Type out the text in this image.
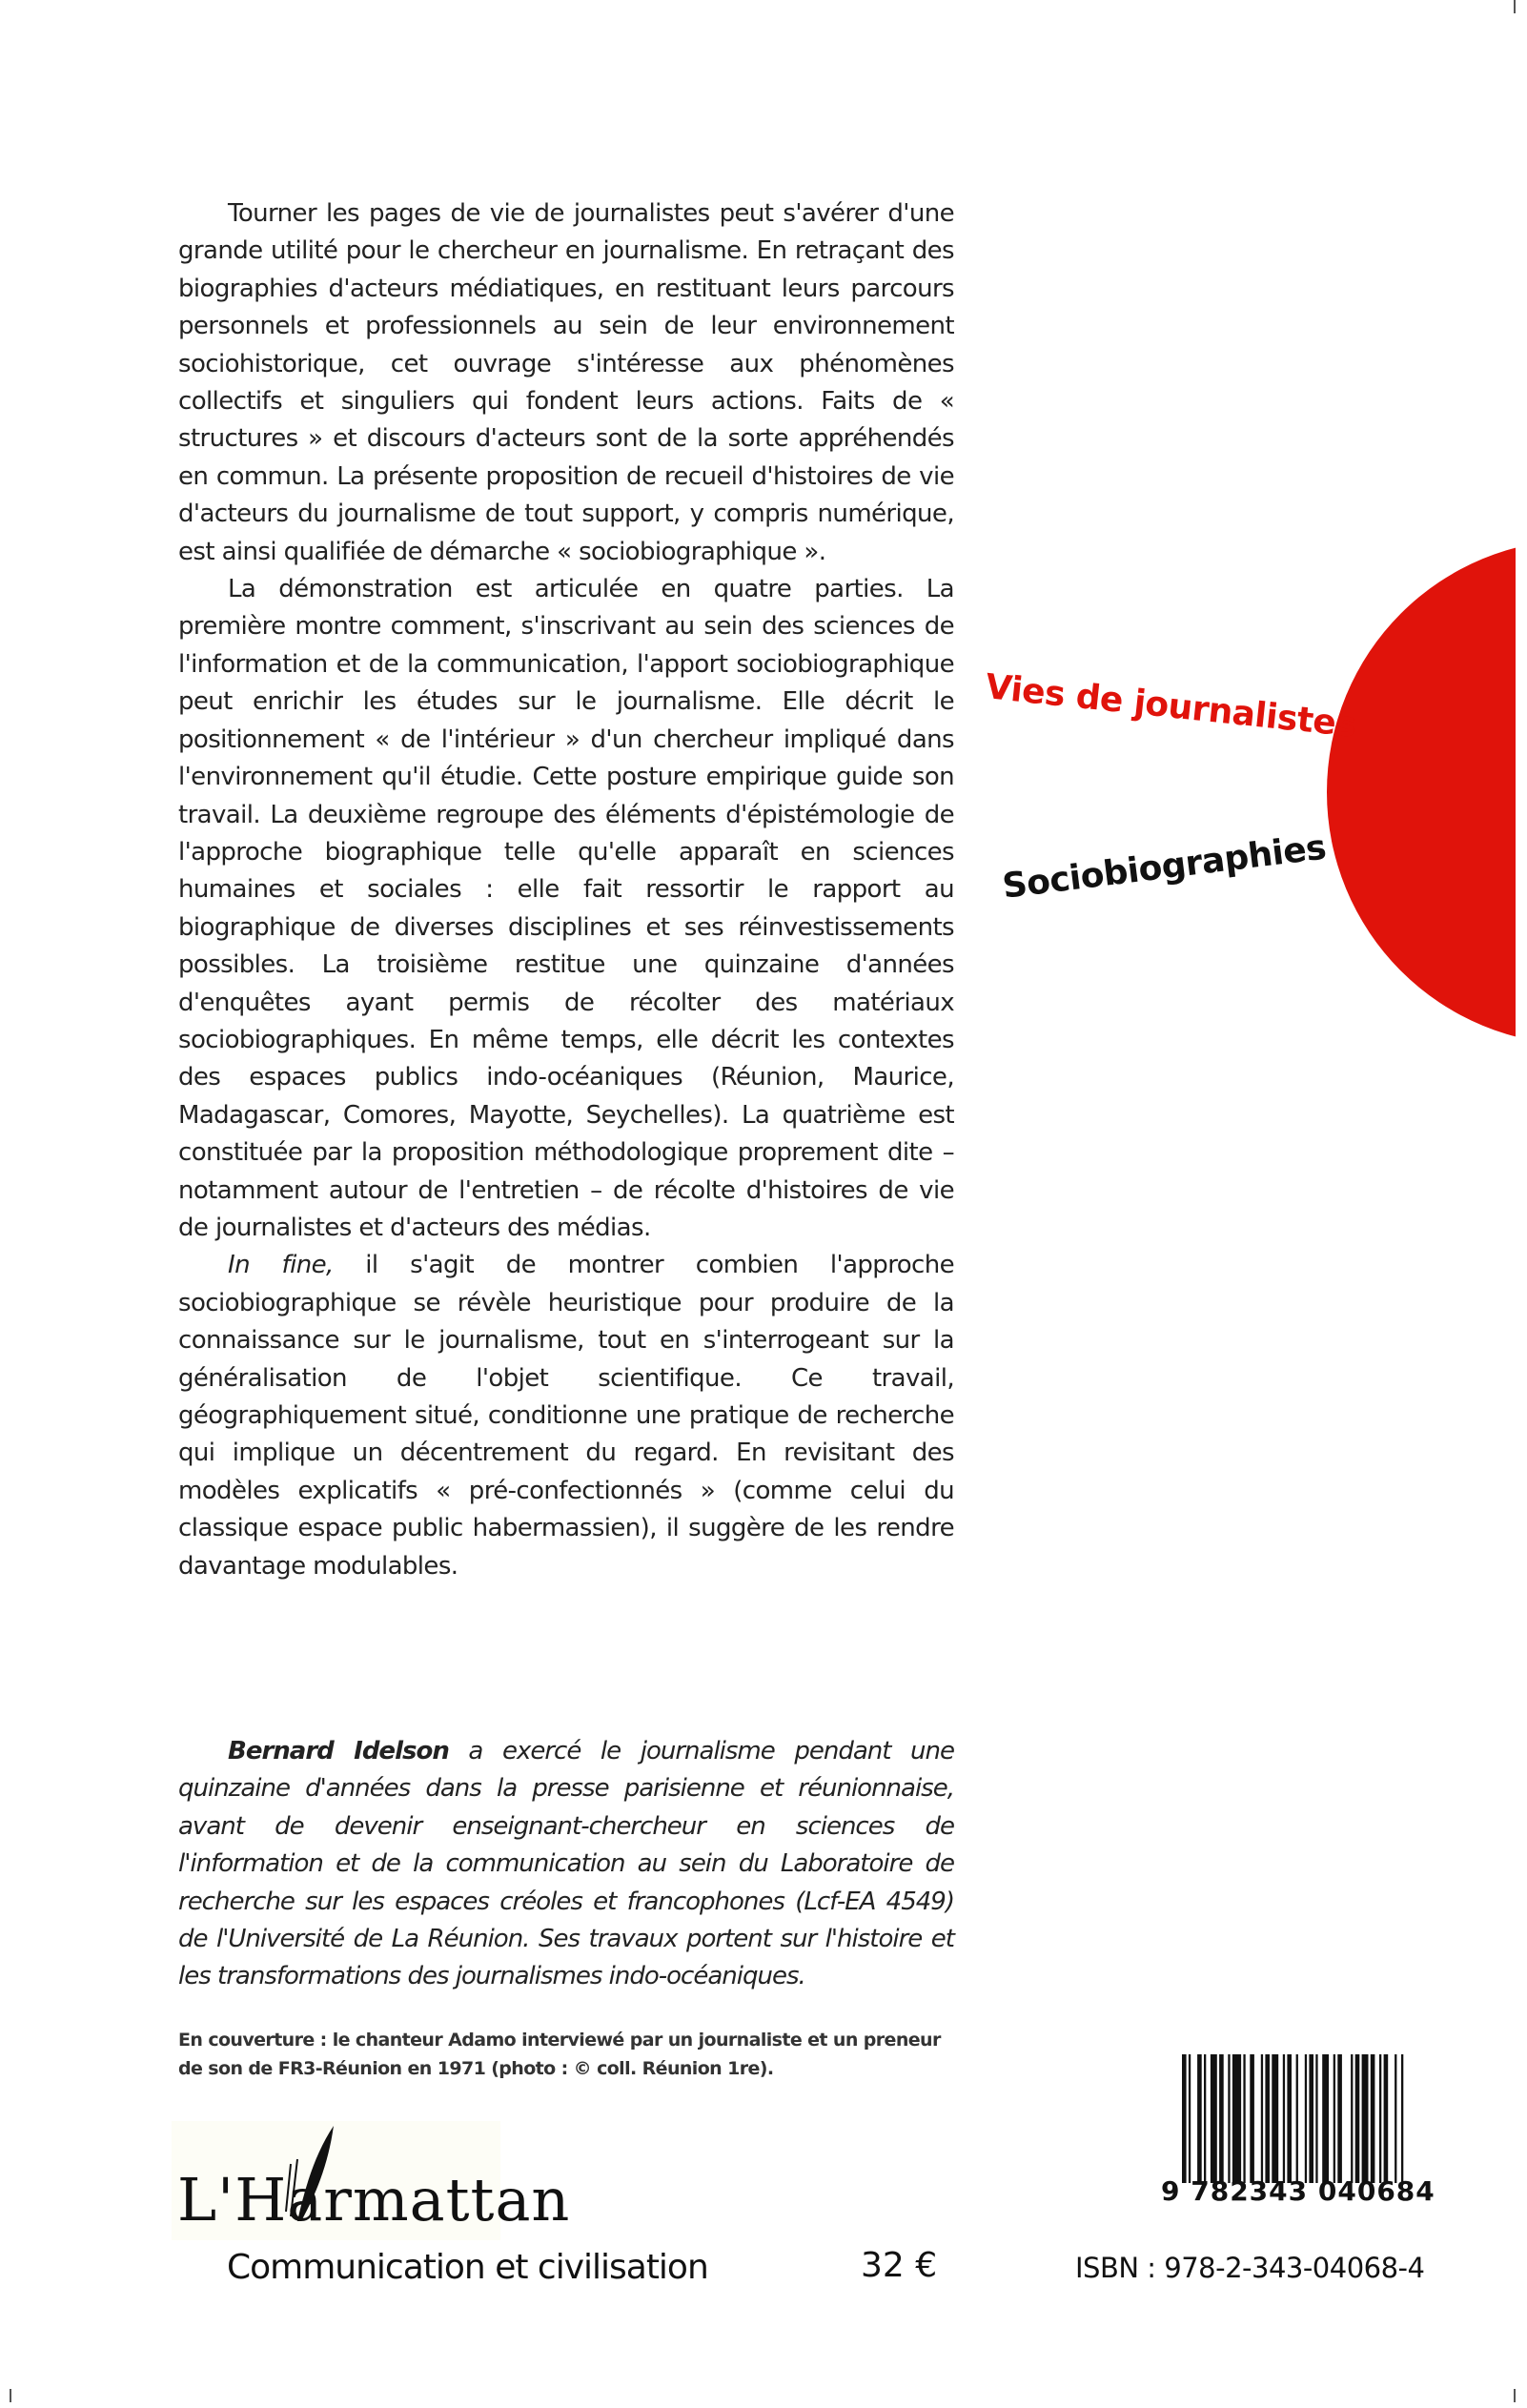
Vies de journalistes
Sociobiographies

Tourner les pages de vie de journalistes peut s'avérer d'une grande utilité pour le chercheur en journalisme. En retraçant des biographies d'acteurs médiatiques, en restituant leurs parcours personnels et professionnels au sein de leur environnement sociohistorique, cet ouvrage s'intéresse aux phénomènes collectifs et singuliers qui fondent leurs actions. Faits de « structures » et discours d'acteurs sont de la sorte appréhendés en commun. La présente proposition de recueil d'histoires de vie d'acteurs du journalisme de tout support, y compris numérique, est ainsi qualifiée de démarche « sociobiographique ».

La démonstration est articulée en quatre parties. La première montre comment, s'inscrivant au sein des sciences de l'information et de la communication, l'apport sociobiographique peut enrichir les études sur le journalisme. Elle décrit le positionnement « de l'intérieur » d'un chercheur impliqué dans l'environnement qu'il étudie. Cette posture empirique guide son travail. La deuxième regroupe des éléments d'épistémologie de l'approche biographique telle qu'elle apparaît en sciences humaines et sociales : elle fait ressortir le rapport au biographique de diverses disciplines et ses réinvestissements possibles. La troisième restitue une quinzaine d'années d'enquêtes ayant permis de récolter des matériaux sociobiographiques. En même temps, elle décrit les contextes des espaces publics indo-océaniques (Réunion, Maurice, Madagascar, Comores, Mayotte, Seychelles). La quatrième est constituée par la proposition méthodologique proprement dite – notamment autour de l'entretien – de récolte d'histoires de vie de journalistes et d'acteurs des médias.

In fine, il s'agit de montrer combien l'approche sociobiographique se révèle heuristique pour produire de la connaissance sur le journalisme, tout en s'interrogeant sur la généralisation de l'objet scientifique. Ce travail, géographiquement situé, conditionne une pratique de recherche qui implique un décentrement du regard. En revisitant des modèles explicatifs « pré-confectionnés » (comme celui du classique espace public habermassien), il suggère de les rendre davantage modulables.

Bernard Idelson a exercé le journalisme pendant une quinzaine d'années dans la presse parisienne et réunionnaise, avant de devenir enseignant-chercheur en sciences de l'information et de la communication au sein du Laboratoire de recherche sur les espaces créoles et francophones (Lcf-EA 4549) de l'Université de La Réunion. Ses travaux portent sur l'histoire et les transformations des journalismes indo-océaniques.

En couverture : le chanteur Adamo interviewé par un journaliste et un preneur de son de FR3-Réunion en 1971 (photo : © coll. Réunion 1re).
L'Harmattan
Communication et civilisation	32 €
9 782343 040684
ISBN : 978-2-343-04068-4
